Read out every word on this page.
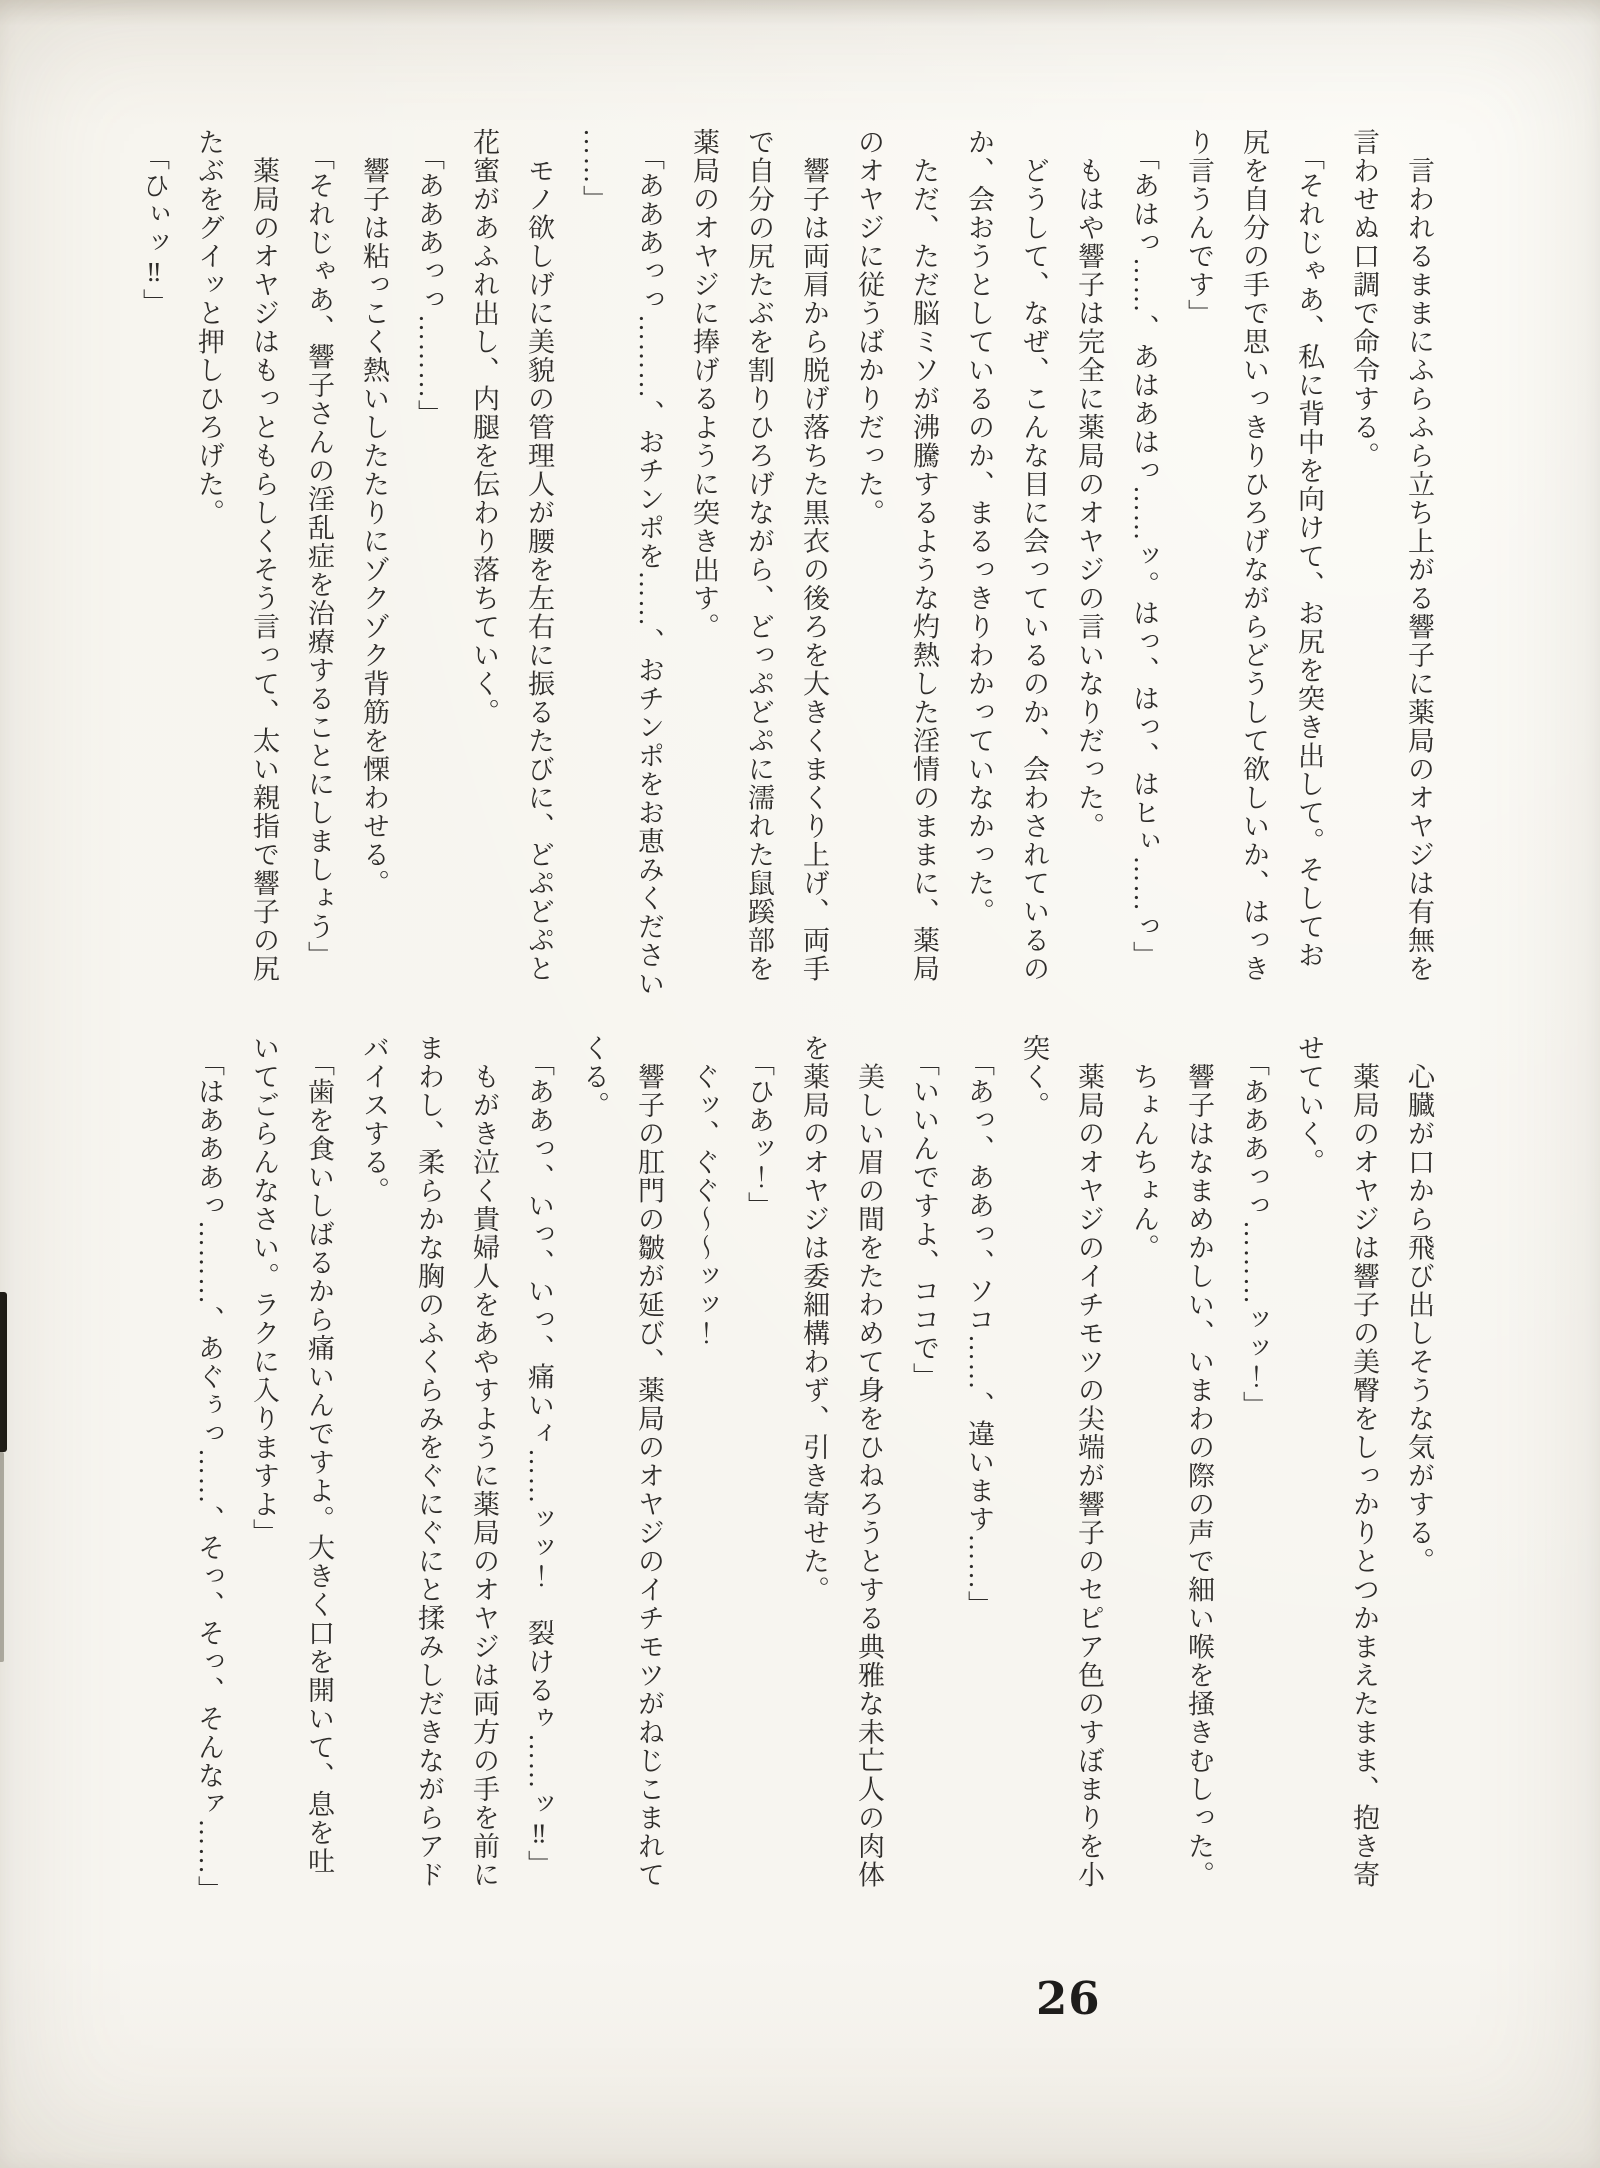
　言われるままにふらふら立ち上がる響子に薬局のオヤジは有無を
言わせぬ口調で命令する。
　「それじゃあ、私に背中を向けて、お尻を突き出して。そしてお
尻を自分の手で思いっきりひろげながらどうして欲しいか、はっき
り言うんです」
　「あはっ……、あはあはっ……ッ。はっ、はっ、はヒぃ……っ」
　もはや響子は完全に薬局のオヤジの言いなりだった。
　どうして、なぜ、こんな目に会っているのか、会わされているの
か、会おうとしているのか、まるっきりわかっていなかった。
　ただ、ただ脳ミソが沸騰するような灼熱した淫情のままに、薬局
のオヤジに従うばかりだった。
　響子は両肩から脱げ落ちた黒衣の後ろを大きくまくり上げ、両手
で自分の尻たぶを割りひろげながら、どっぷどぷに濡れた鼠蹊部を
薬局のオヤジに捧げるように突き出す。
　「あああっっ………、おチンポを……、おチンポをお恵みください
……」
　モノ欲しげに美貌の管理人が腰を左右に振るたびに、どぷどぷと
花蜜があふれ出し、内腿を伝わり落ちていく。
　「あああっっ………」
　響子は粘っこく熱いしたたりにゾクゾク背筋を慄わせる。
　「それじゃあ、響子さんの淫乱症を治療することにしましょう」
　薬局のオヤジはもっともらしくそう言って、太い親指で響子の尻
たぶをグイッと押しひろげた。
　「ひぃッ‼」
　心臓が口から飛び出しそうな気がする。
　薬局のオヤジは響子の美臀をしっかりとつかまえたまま、抱き寄
せていく。
　「あああっっ………ッッ！」
　響子はなまめかしい、いまわの際の声で細い喉を掻きむしった。
　ちょんちょん。
　薬局のオヤジのイチモツの尖端が響子のセピア色のすぼまりを小
突く。
　「あっ、ああっ、ソコ……、違います……」
　「いいんですよ、ココで」
　美しい眉の間をたわめて身をひねろうとする典雅な未亡人の肉体
を薬局のオヤジは委細構わず、引き寄せた。
　「ひあッ！」
　ぐッ、ぐぐ〜〜ッッ！
　響子の肛門の皺が延び、薬局のオヤジのイチモツがねじこまれて
くる。
　「ああっ、いっ、いっ、痛いィ……ッッ！　裂けるゥ……ッ‼」
　もがき泣く貴婦人をあやすように薬局のオヤジは両方の手を前に
まわし、柔らかな胸のふくらみをぐにぐにと揉みしだきながらアド
バイスする。
　「歯を食いしばるから痛いんですよ。大きく口を開いて、息を吐
いてごらんなさい。ラクに入りますよ」
　「はあああっ………、あぐぅっ……、そっ、そっ、そんなァ……」
26
